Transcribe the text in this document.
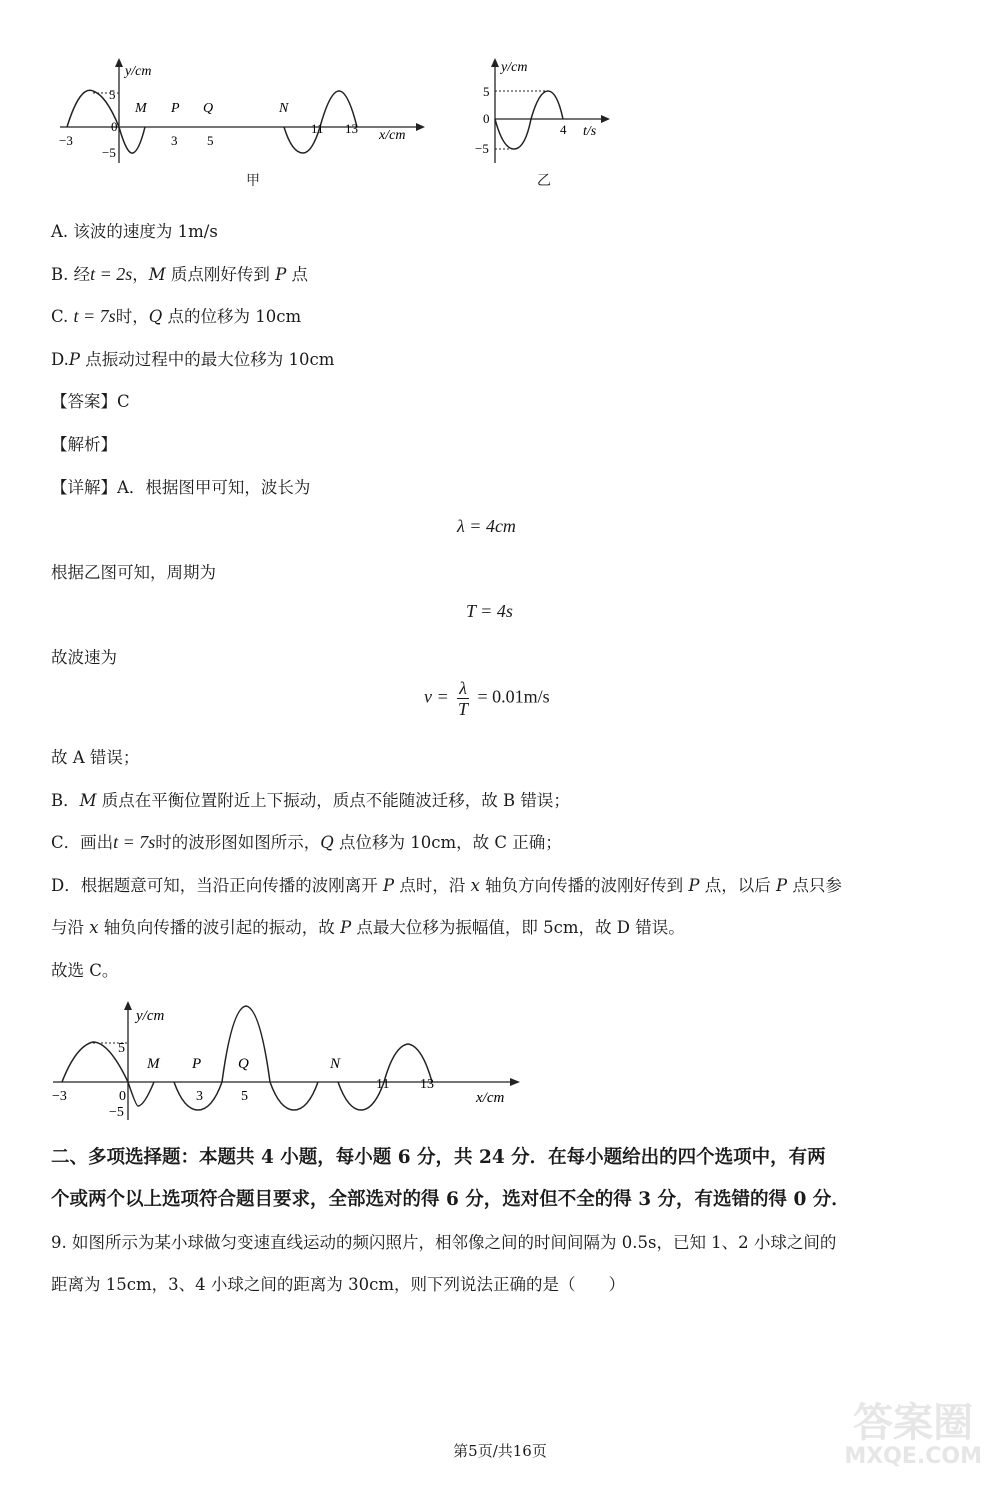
y/cm
5
−5
−3
0
3 5
11 13
M P Q	N
x/cm
甲
y/cm
5
0
−5
4 t/s
乙
A. 该波的速度为 1m/s
B. 经t = 2s，M 质点刚好传到 P 点
C. t = 7s时，Q 点的位移为 10cm
D.P 点振动过程中的最大位移为 10cm
【答案】C
【解析】
【详解】A．根据图甲可知，波长为
λ = 4cm
根据乙图可知，周期为
T = 4s
故波速为
$v = \frac{\lambda}{T} = 0.01m/s$
故 A 错误；
B．M 质点在平衡位置附近上下振动，质点不能随波迁移，故 B 错误；
C．画出t = 7s时的波形图如图所示，Q 点位移为 10cm，故 C 正确；
D．根据题意可知，当沿正向传播的波刚离开 P 点时，沿 x 轴负方向传播的波刚好传到 P 点，以后 P 点只参
与沿 x 轴负向传播的波引起的振动，故 P 点最大位移为振幅值，即 5cm，故 D 错误。
故选 C。
y/cm
5
−5
−3	0	3	5
11 13
M P Q	N
x/cm
二、多项选择题：本题共 4 小题，每小题 6 分，共 24 分．在每小题给出的四个选项中，有两
个或两个以上选项符合题目要求，全部选对的得 6 分，选对但不全的得 3 分，有选错的得 0 分．
9. 如图所示为某小球做匀变速直线运动的频闪照片，相邻像之间的时间间隔为 0.5s，已知 1、2 小球之间的
距离为 15cm，3、4 小球之间的距离为 30cm，则下列说法正确的是（　　）
第5页/共16页
答案圈
MXQE.COM
